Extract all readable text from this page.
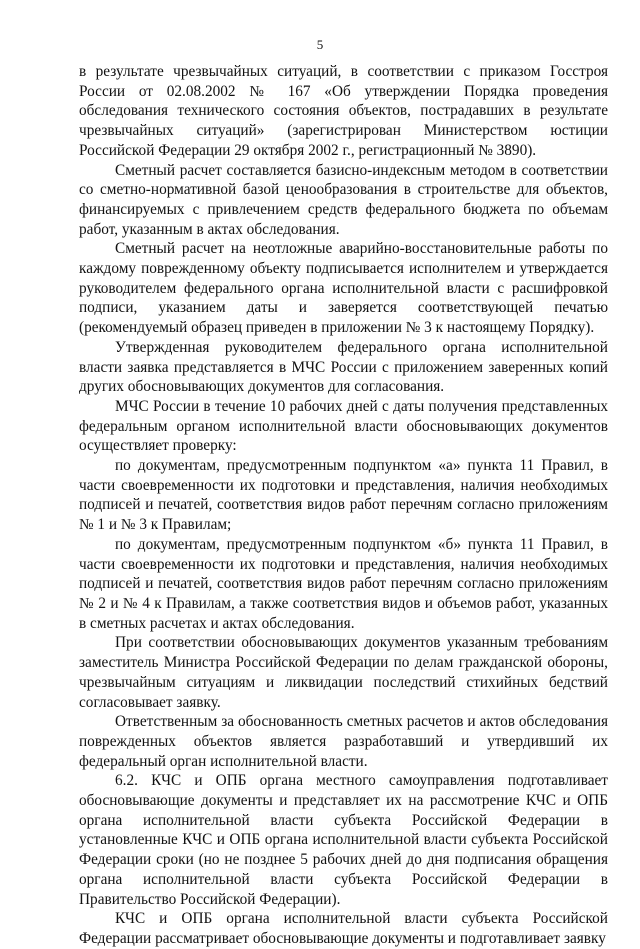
5

в результате чрезвычайных ситуаций, в соответствии с приказом Госстроя России от 02.08.2002 № 167 «Об утверждении Порядка проведения обследования технического состояния объектов, пострадавших в результате чрезвычайных ситуаций» (зарегистрирован Министерством юстиции Российской Федерации 29 октября 2002 г., регистрационный № 3890).

Сметный расчет составляется базисно-индексным методом в соответствии со сметно-нормативной базой ценообразования в строительстве для объектов, финансируемых с привлечением средств федерального бюджета по объемам работ, указанным в актах обследования.

Сметный расчет на неотложные аварийно-восстановительные работы по каждому поврежденному объекту подписывается исполнителем и утверждается руководителем федерального органа исполнительной власти с расшифровкой подписи, указанием даты и заверяется соответствующей печатью (рекомендуемый образец приведен в приложении № 3 к настоящему Порядку).

Утвержденная руководителем федерального органа исполнительной власти заявка представляется в МЧС России с приложением заверенных копий других обосновывающих документов для согласования.

МЧС России в течение 10 рабочих дней с даты получения представленных федеральным органом исполнительной власти обосновывающих документов осуществляет проверку:

по документам, предусмотренным подпунктом «а» пункта 11 Правил, в части своевременности их подготовки и представления, наличия необходимых подписей и печатей, соответствия видов работ перечням согласно приложениям № 1 и № 3 к Правилам;

по документам, предусмотренным подпунктом «б» пункта 11 Правил, в части своевременности их подготовки и представления, наличия необходимых подписей и печатей, соответствия видов работ перечням согласно приложениям № 2 и № 4 к Правилам, а также соответствия видов и объемов работ, указанных в сметных расчетах и актах обследования.

При соответствии обосновывающих документов указанным требованиям заместитель Министра Российской Федерации по делам гражданской обороны, чрезвычайным ситуациям и ликвидации последствий стихийных бедствий согласовывает заявку.

Ответственным за обоснованность сметных расчетов и актов обследования поврежденных объектов является разработавший и утвердивший их федеральный орган исполнительной власти.

6.2. КЧС и ОПБ органа местного самоуправления подготавливает обосновывающие документы и представляет их на рассмотрение КЧС и ОПБ органа исполнительной власти субъекта Российской Федерации в установленные КЧС и ОПБ органа исполнительной власти субъекта Российской Федерации сроки (но не позднее 5 рабочих дней до дня подписания обращения органа исполнительной власти субъекта Российской Федерации в Правительство Российской Федерации).

КЧС и ОПБ органа исполнительной власти субъекта Российской Федерации рассматривает обосновывающие документы и подготавливает заявку
